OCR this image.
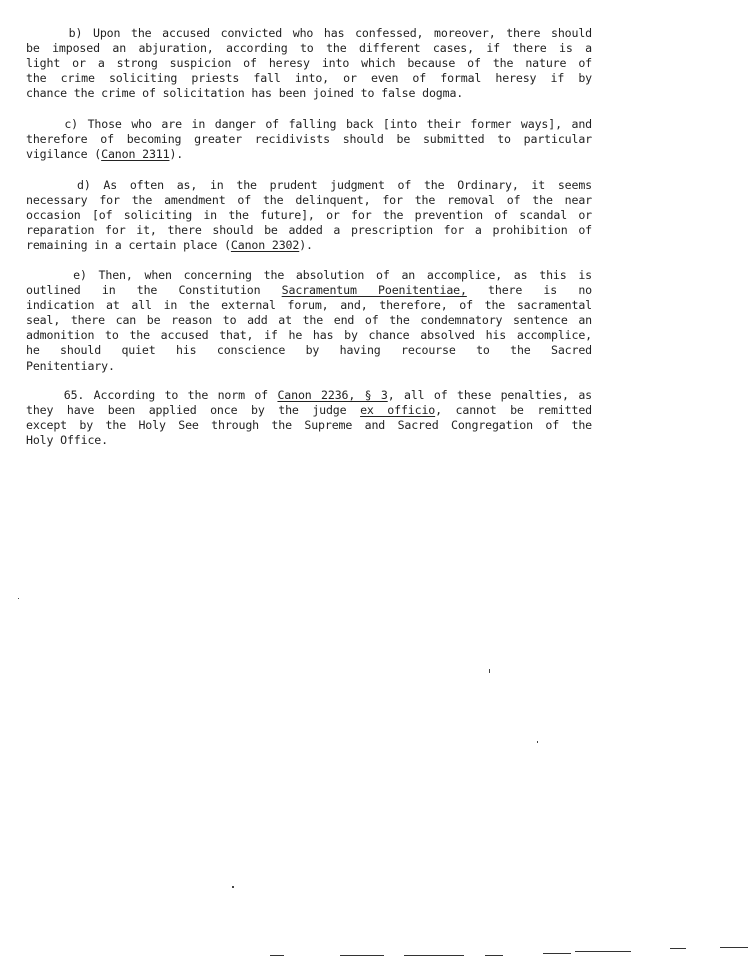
b) Upon the accused convicted who has confessed, moreover, there should
be imposed an abjuration, according to the different cases, if there is a
light or a strong suspicion of heresy into which because of the nature of
the crime soliciting priests fall into, or even of formal heresy if by
chance the crime of solicitation has been joined to false dogma.
c) Those who are in danger of falling back [into their former ways], and
therefore of becoming greater recidivists should be submitted to particular
vigilance (Canon 2311).
d) As often as, in the prudent judgment of the Ordinary, it seems
necessary for the amendment of the delinquent, for the removal of the near
occasion [of soliciting in the future], or for the prevention of scandal or
reparation for it, there should be added a prescription for a prohibition of
remaining in a certain place (Canon 2302).
e) Then, when concerning the absolution of an accomplice, as this is
outlined in the Constitution Sacramentum Poenitentiae, there is no
indication at all in the external forum, and, therefore, of the sacramental
seal, there can be reason to add at the end of the condemnatory sentence an
admonition to the accused that, if he has by chance absolved his accomplice,
he should quiet his conscience by having recourse to the Sacred
Penitentiary.
65. According to the norm of Canon 2236, § 3, all of these penalties, as
they have been applied once by the judge ex officio, cannot be remitted
except by the Holy See through the Supreme and Sacred Congregation of the
Holy Office.
